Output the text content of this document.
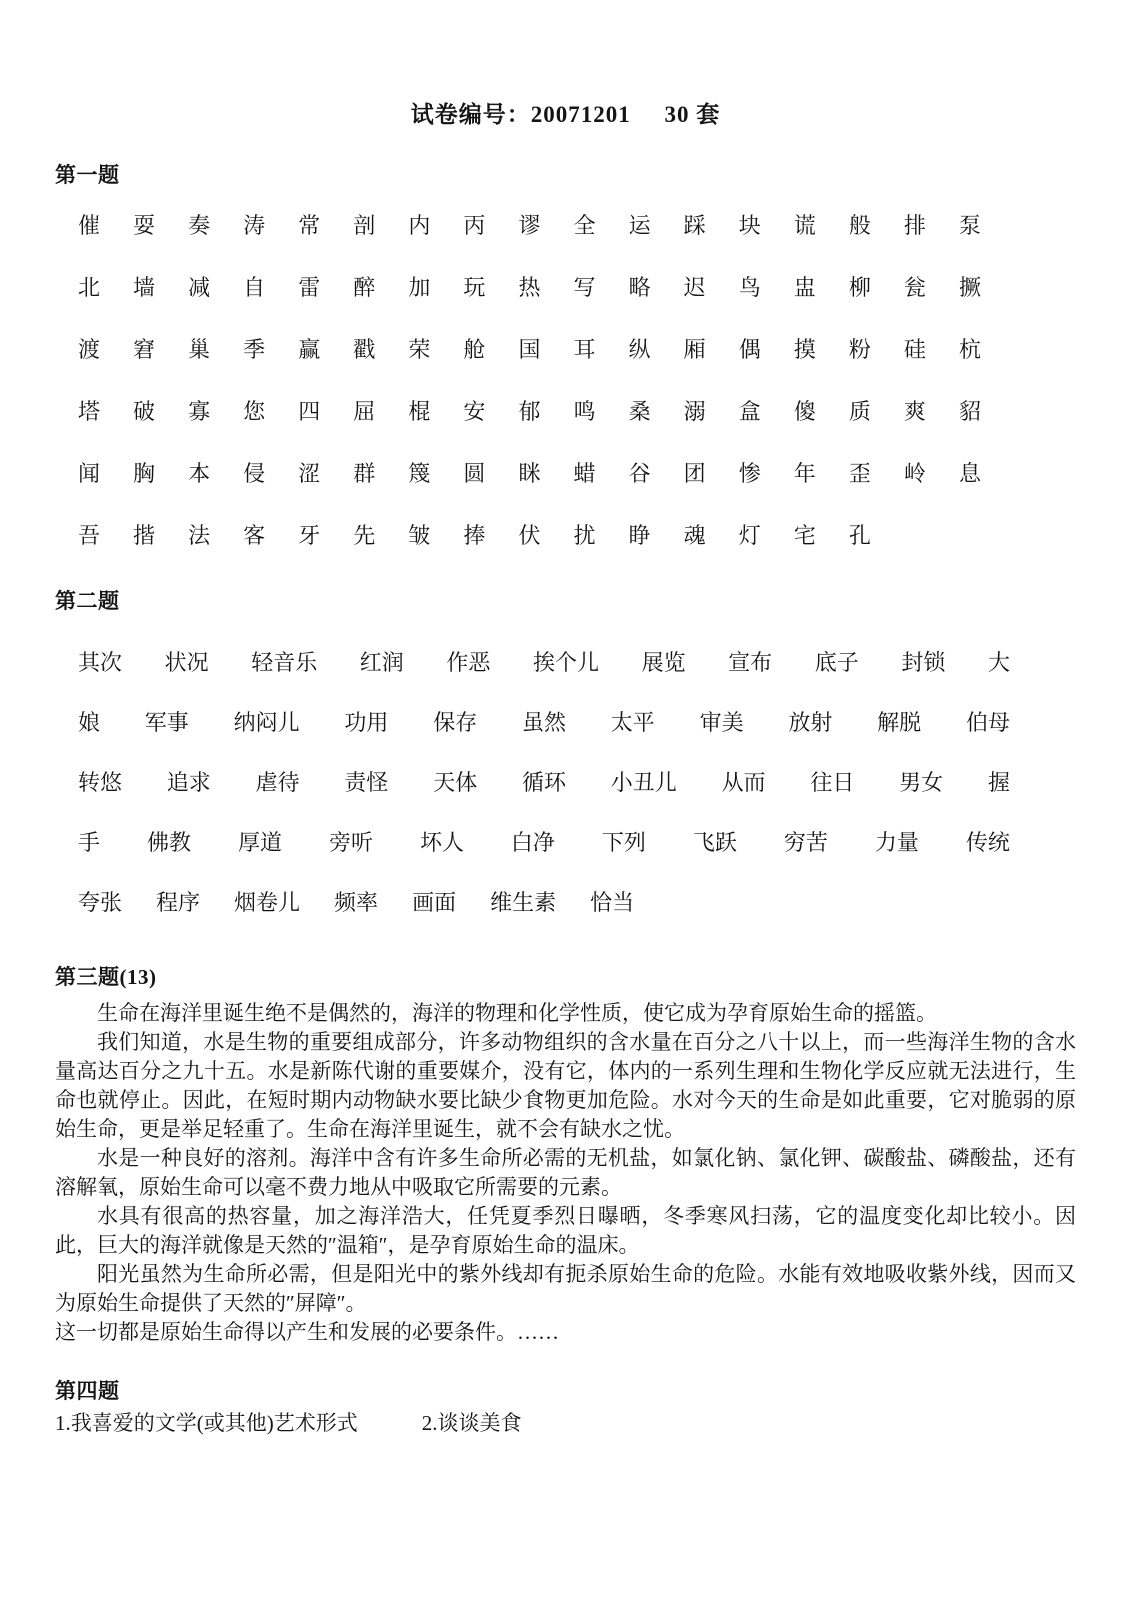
试卷编号：20071201     30 套
第一题
催	耍	奏	涛	常	剖	内	丙	谬	全	运	踩	块	谎	般	排	泵
北	墙	减	自	雷	醉	加	玩	热	写	略	迟	鸟	盅	柳	瓮	撅
渡	窘	巢	季	赢	戳	荣	舱	国	耳	纵	厢	偶	摸	粉	硅	杭
塔	破	寡	您	四	屈	棍	安	郁	鸣	桑	溺	盒	傻	质	爽	貂
闻	胸	本	侵	涩	群	篾	圆	眯	蜡	谷	团	惨	年	歪	岭	息
吾	揩	法	客	牙	先	皱	捧	伏	扰	睁	魂	灯	宅	孔
第二题
其次 状况 轻音乐 红润 作恶 挨个儿 展览 宣布 底子 封锁 大
娘 军事 纳闷儿 功用 保存 虽然 太平 审美 放射 解脱 伯母
转悠 追求 虐待 责怪 天体 循环 小丑儿 从而 往日 男女 握
手 佛教 厚道 旁听 坏人 白净 下列 飞跃 穷苦 力量 传统
夸张 程序 烟卷儿 频率 画面 维生素 恰当
第三题(13)

生命在海洋里诞生绝不是偶然的，海洋的物理和化学性质，使它成为孕育原始生命的摇篮。

我们知道，水是生物的重要组成部分，许多动物组织的含水量在百分之八十以上，而一些海洋生物的含水量高达百分之九十五。水是新陈代谢的重要媒介，没有它，体内的一系列生理和生物化学反应就无法进行，生命也就停止。因此，在短时期内动物缺水要比缺少食物更加危险。水对今天的生命是如此重要，它对脆弱的原始生命，更是举足轻重了。生命在海洋里诞生，就不会有缺水之忧。

水是一种良好的溶剂。海洋中含有许多生命所必需的无机盐，如氯化钠、氯化钾、碳酸盐、磷酸盐，还有溶解氧，原始生命可以毫不费力地从中吸取它所需要的元素。

水具有很高的热容量，加之海洋浩大，任凭夏季烈日曝晒，冬季寒风扫荡，它的温度变化却比较小。因此，巨大的海洋就像是天然的″温箱″，是孕育原始生命的温床。

阳光虽然为生命所必需，但是阳光中的紫外线却有扼杀原始生命的危险。水能有效地吸收紫外线，因而又为原始生命提供了天然的″屏障″。

这一切都是原始生命得以产生和发展的必要条件。……

第四题
1.我喜爱的文学(或其他)艺术形式	2.谈谈美食
